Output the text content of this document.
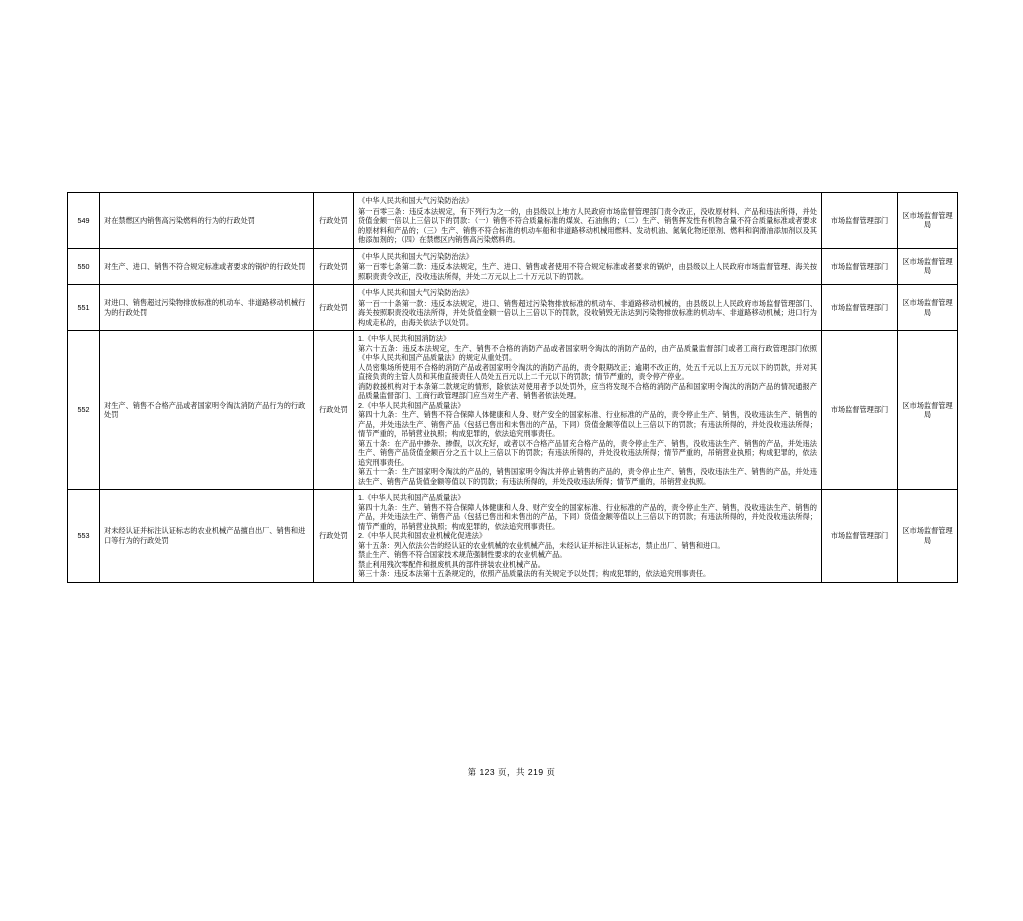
549	对在禁燃区内销售高污染燃料的行为的行政处罚	行政处罚	《中华人民共和国大气污染防治法》
第一百零三条：违反本法规定，有下列行为之一的，由县级以上地方人民政府市场监督管理部门责令改正，没收原材料、产品和违法所得，并处货值金额一倍以上三倍以下的罚款：（一）销售不符合质量标准的煤炭、石油焦的；（二）生产、销售挥发性有机物含量不符合质量标准或者要求的原材料和产品的；（三）生产、销售不符合标准的机动车船和非道路移动机械用燃料、发动机油、氮氧化物还原剂、燃料和润滑油添加剂以及其他添加剂的；（四）在禁燃区内销售高污染燃料的。	市场监督管理部门	区市场监督管理局
550	对生产、进口、销售不符合规定标准或者要求的锅炉的行政处罚	行政处罚	《中华人民共和国大气污染防治法》
第一百零七条第二款：违反本法规定，生产、进口、销售或者使用不符合规定标准或者要求的锅炉，由县级以上人民政府市场监督管理、海关按照职责责令改正，没收违法所得，并处二万元以上二十万元以下的罚款。	市场监督管理部门	区市场监督管理局
551	对进口、销售超过污染物排放标准的机动车、非道路移动机械行为的行政处罚	行政处罚	《中华人民共和国大气污染防治法》
第一百一十条第一款：违反本法规定，进口、销售超过污染物排放标准的机动车、非道路移动机械的，由县级以上人民政府市场监督管理部门、海关按照职责没收违法所得，并处货值金额一倍以上三倍以下的罚款，没收销毁无法达到污染物排放标准的机动车、非道路移动机械；进口行为构成走私的，由海关依法予以处罚。	市场监督管理部门	区市场监督管理局
552	对生产、销售不合格产品或者国家明令淘汰消防产品行为的行政处罚	行政处罚	
1.《中华人民共和国消防法》
第六十五条：违反本法规定，生产、销售不合格的消防产品或者国家明令淘汰的消防产品的，由产品质量监督部门或者工商行政管理部门依照《中华人民共和国产品质量法》的规定从重处罚。
人员密集场所使用不合格的消防产品或者国家明令淘汰的消防产品的，责令限期改正；逾期不改正的，处五千元以上五万元以下的罚款，并对其直接负责的主管人员和其他直接责任人员处五百元以上二千元以下的罚款；情节严重的，责令停产停业。
消防救援机构对于本条第二款规定的情形，除依法对使用者予以处罚外，应当将发现不合格的消防产品和国家明令淘汰的消防产品的情况通报产品质量监督部门、工商行政管理部门应当对生产者、销售者依法处理。
2.《中华人民共和国产品质量法》
第四十九条：生产、销售不符合保障人体健康和人身、财产安全的国家标准、行业标准的产品的，责令停止生产、销售，没收违法生产、销售的产品，并处违法生产、销售产品（包括已售出和未售出的产品，下同）货值金额等值以上三倍以下的罚款；有违法所得的，并处没收违法所得；情节严重的，吊销营业执照；构成犯罪的，依法追究刑事责任。
第五十条：在产品中掺杂、掺假，以次充好，或者以不合格产品冒充合格产品的，责令停止生产、销售，没收违法生产、销售的产品，并处违法生产、销售产品货值金额百分之五十以上三倍以下的罚款；有违法所得的，并处没收违法所得；情节严重的，吊销营业执照；构成犯罪的，依法追究刑事责任。
第五十一条：生产国家明令淘汰的产品的，销售国家明令淘汰并停止销售的产品的，责令停止生产、销售，没收违法生产、销售的产品，并处违法生产、销售产品货值金额等值以下的罚款；有违法所得的，并处没收违法所得；情节严重的，吊销营业执照。
	市场监督管理部门	区市场监督管理局
553	对未经认证并标注认证标志的农业机械产品擅自出厂、销售和进口等行为的行政处罚	行政处罚	
1.《中华人民共和国产品质量法》
第四十九条：生产、销售不符合保障人体健康和人身、财产安全的国家标准、行业标准的产品的，责令停止生产、销售，没收违法生产、销售的产品，并处违法生产、销售产品（包括已售出和未售出的产品，下同）货值金额等值以上三倍以下的罚款；有违法所得的，并处没收违法所得；情节严重的，吊销营业执照；构成犯罪的，依法追究刑事责任。
2.《中华人民共和国农业机械化促进法》
第十五条：列入依法公告的经认证的农业机械的农业机械产品，未经认证并标注认证标志，禁止出厂、销售和进口。
禁止生产、销售不符合国家技术规范强制性要求的农业机械产品。
禁止利用残次零配件和报废机具的部件拼装农业机械产品。
第三十条：违反本法第十五条规定的，依照产品质量法的有关规定予以处罚；构成犯罪的，依法追究刑事责任。
	市场监督管理部门	区市场监督管理局
第 123 页，共 219 页
